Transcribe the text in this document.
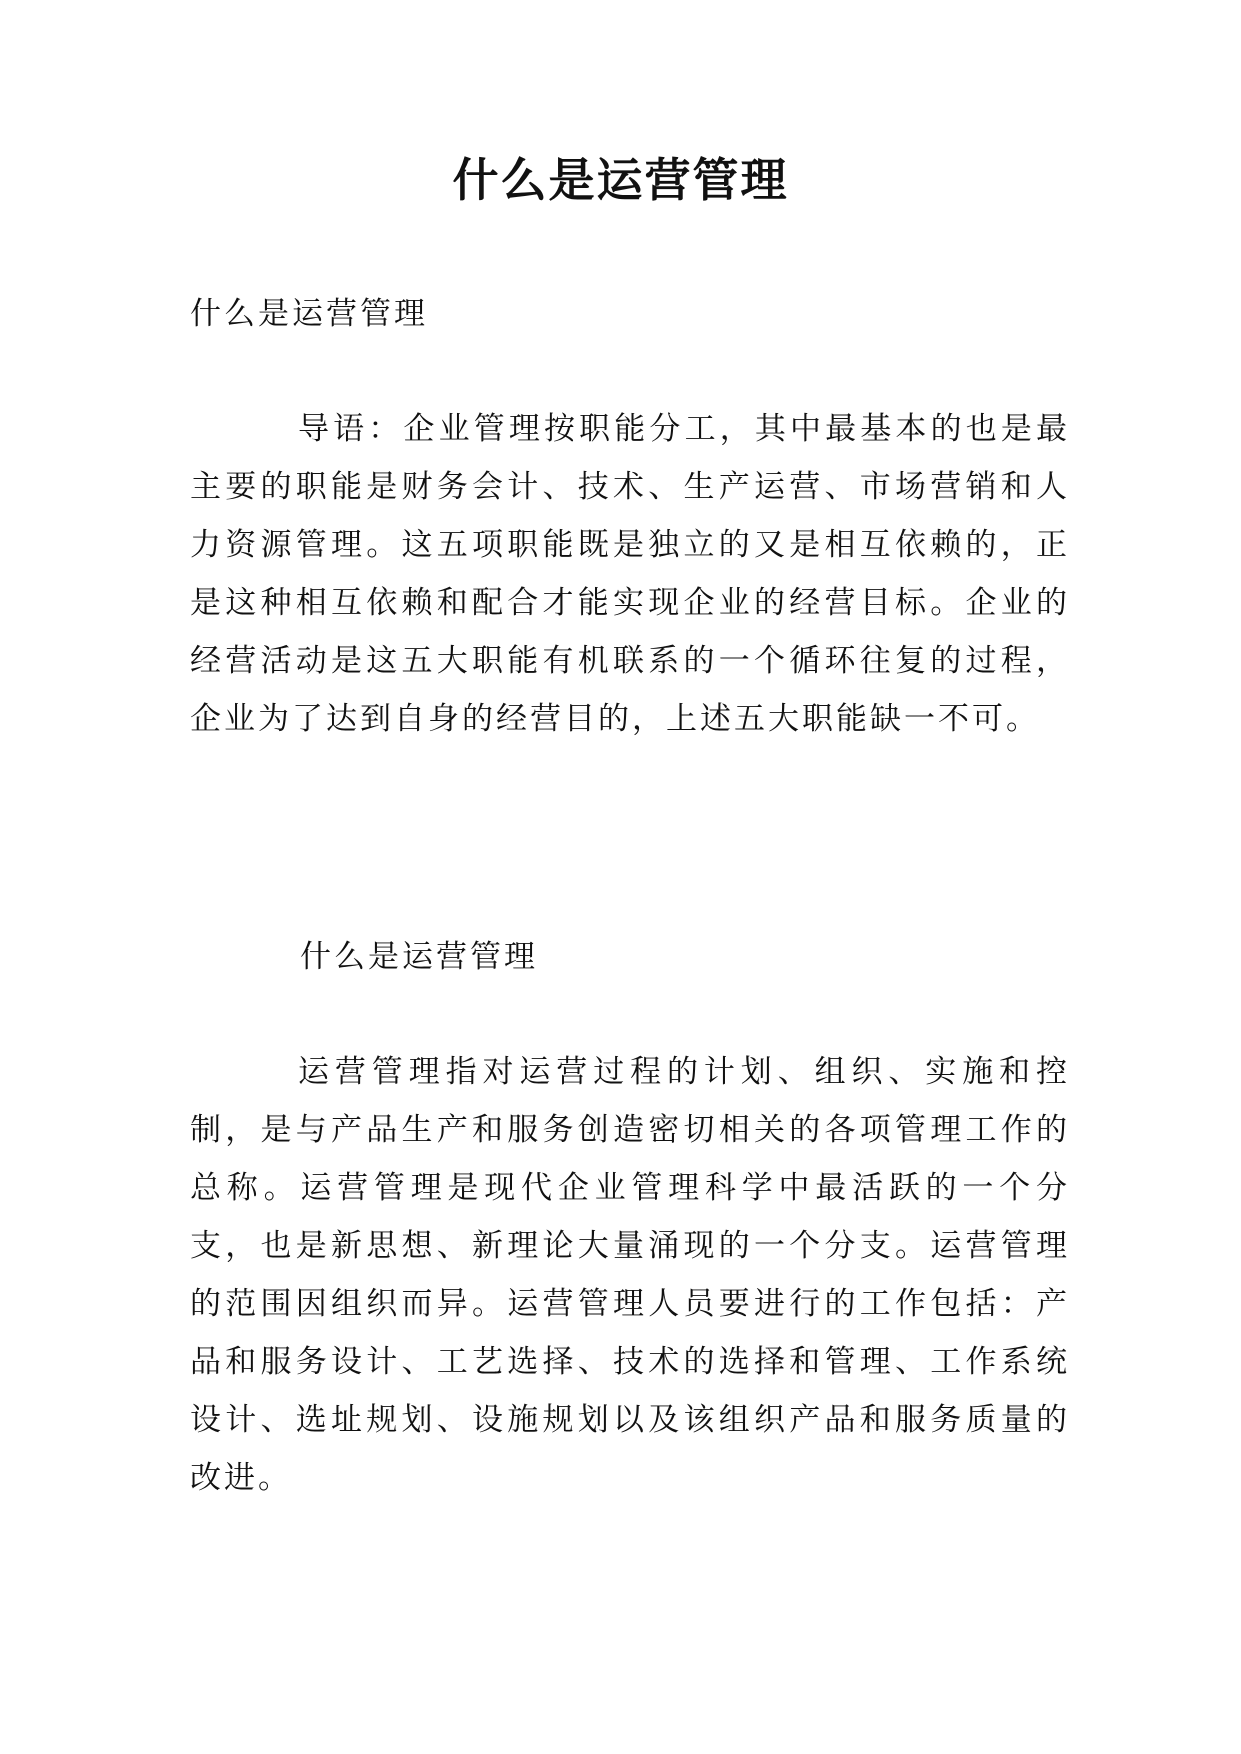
什么是运营管理

什么是运营管理

导语：企业管理按职能分工，其中最基本的也是最主要的职能是财务会计、技术、生产运营、市场营销和人力资源管理。这五项职能既是独立的又是相互依赖的，正是这种相互依赖和配合才能实现企业的经营目标。企业的经营活动是这五大职能有机联系的一个循环往复的过程，企业为了达到自身的经营目的，上述五大职能缺一不可。

什么是运营管理

运营管理指对运营过程的计划、组织、实施和控制，是与产品生产和服务创造密切相关的各项管理工作的总称。运营管理是现代企业管理科学中最活跃的一个分支，也是新思想、新理论大量涌现的一个分支。运营管理的范围因组织而异。运营管理人员要进行的工作包括：产品和服务设计、工艺选择、技术的选择和管理、工作系统设计、选址规划、设施规划以及该组织产品和服务质量的改进。
